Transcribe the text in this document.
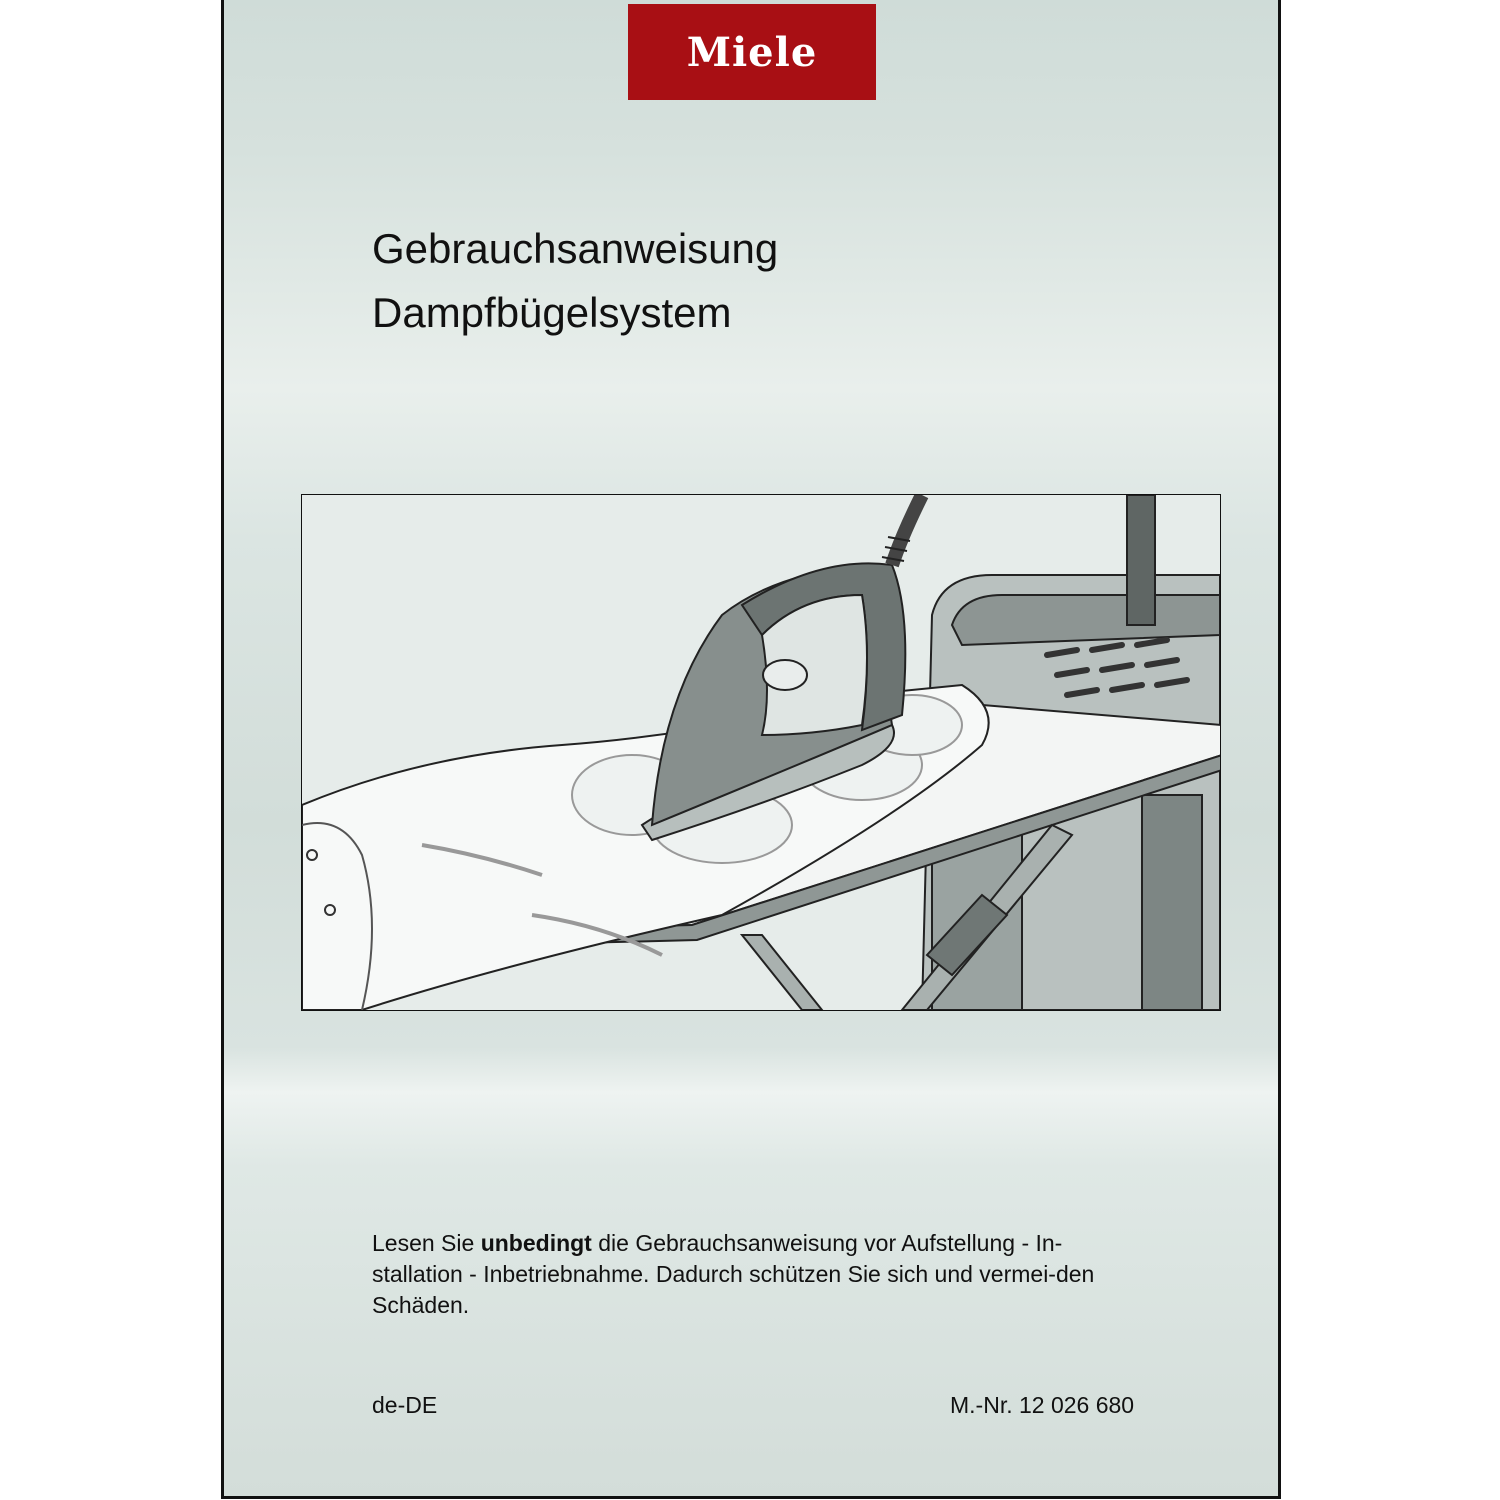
Miele
Gebrauchsanweisung
Dampfbügelsystem
Lesen Sie unbedingt die Gebrauchsanweisung vor Aufstellung - In-stallation - Inbetriebnahme. Dadurch schützen Sie sich und vermei-den Schäden.
de-DE	M.-Nr. 12 026 680
